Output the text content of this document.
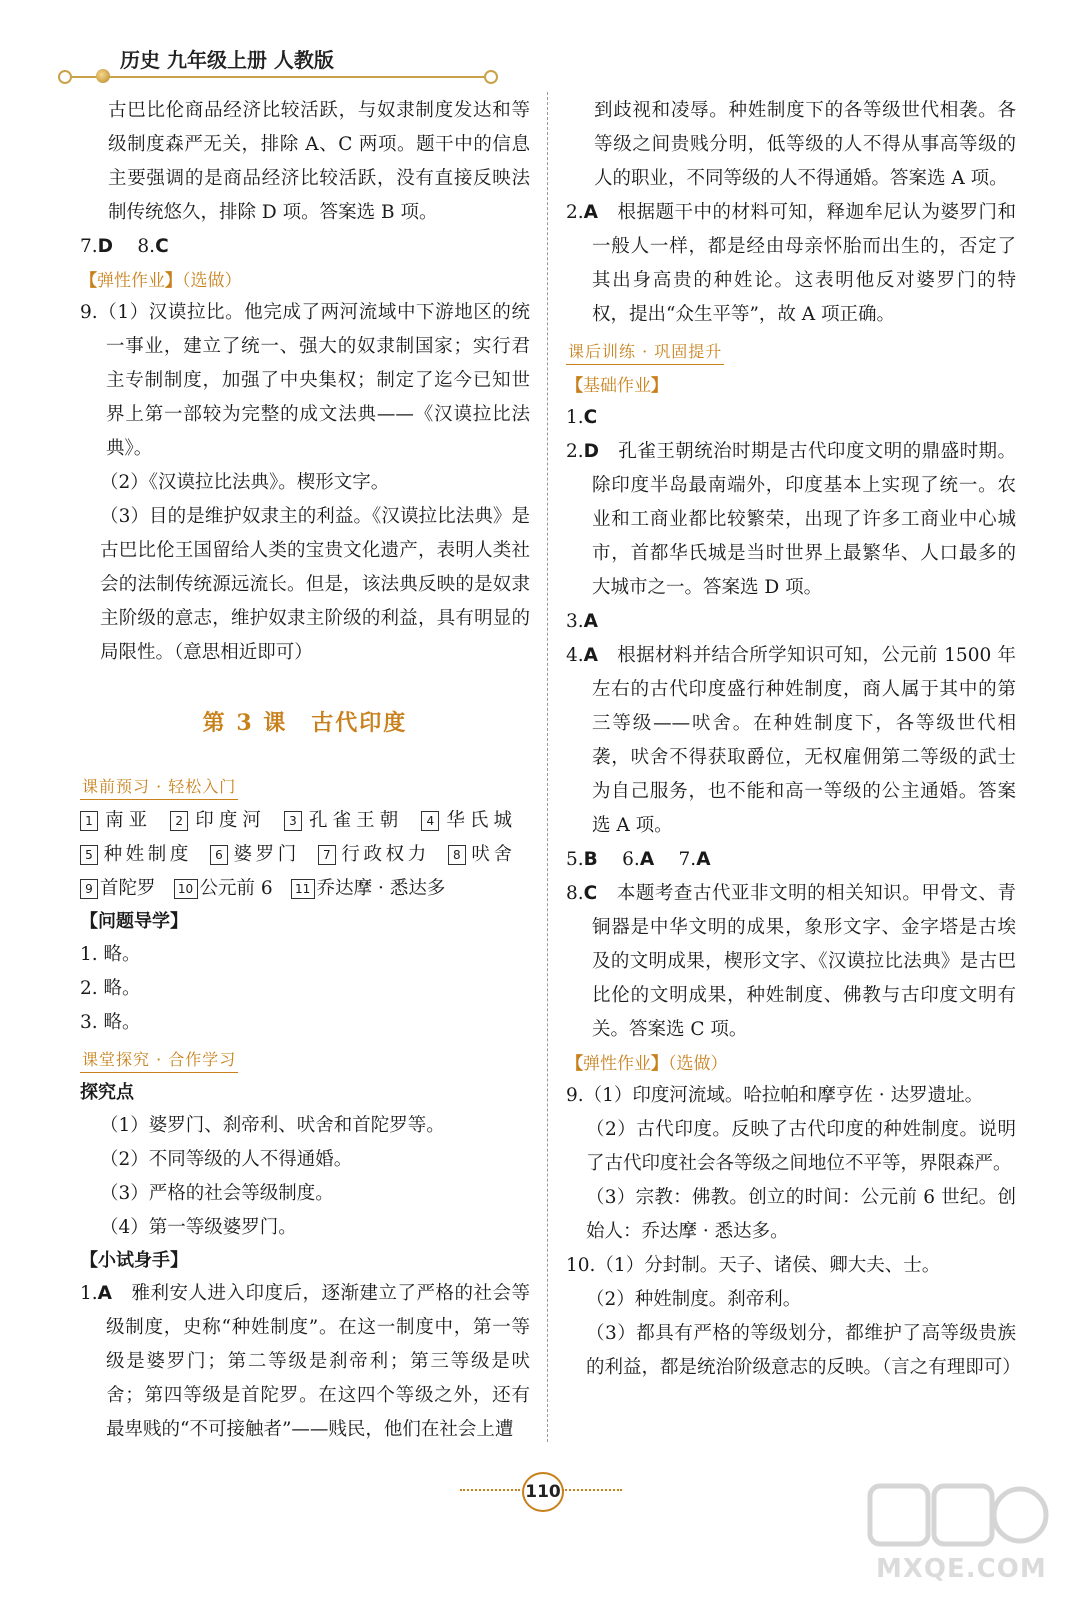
历史 九年级上册 人教版

古巴比伦商品经济比较活跃，与奴隶制度发达和等级制度森严无关，排除 A、C 两项。题干中的信息主要强调的是商品经济比较活跃，没有直接反映法制传统悠久，排除 D 项。答案选 B 项。

7.D　 8.C

【弹性作业】（选做）

9.（1）汉谟拉比。他完成了两河流域中下游地区的统一事业，建立了统一、强大的奴隶制国家；实行君主专制制度，加强了中央集权；制定了迄今已知世界上第一部较为完整的成文法典——《汉谟拉比法典》。

（2）《汉谟拉比法典》。楔形文字。

（3）目的是维护奴隶主的利益。《汉谟拉比法典》是古巴比伦王国留给人类的宝贵文化遗产，表明人类社会的法制传统源远流长。但是，该法典反映的是奴隶主阶级的意志，维护奴隶主阶级的利益，具有明显的局限性。（意思相近即可）

第 3 课　古代印度
课前预习 · 轻松入门

1 南亚 2 印度河 3 孔雀王朝 4 华氏城5 种姓制度 6 婆罗门 7 行政权力 8 吠舍9 首陀罗 10 公元前 6 11 乔达摩 · 悉达多

【问题导学】

1. 略。

2. 略。

3. 略。

课堂探究 · 合作学习
探究点

（1）婆罗门、刹帝利、吠舍和首陀罗等。

（2）不同等级的人不得通婚。

（3）严格的社会等级制度。

（4）第一等级婆罗门。

【小试身手】

1.A　 雅利安人进入印度后，逐渐建立了严格的社会等级制度，史称“种姓制度”。在这一制度中，第一等级是婆罗门；第二等级是刹帝利；第三等级是吠舍；第四等级是首陀罗。在这四个等级之外，还有最卑贱的“不可接触者”——贱民，他们在社会上遭

到歧视和凌辱。种姓制度下的各等级世代相袭。各等级之间贵贱分明，低等级的人不得从事高等级的人的职业，不同等级的人不得通婚。答案选 A 项。

2.A　 根据题干中的材料可知，释迦牟尼认为婆罗门和一般人一样，都是经由母亲怀胎而出生的，否定了其出身高贵的种姓论。这表明他反对婆罗门的特权，提出“众生平等”，故 A 项正确。

课后训练 · 巩固提升
【基础作业】

1.C

2.D　 孔雀王朝统治时期是古代印度文明的鼎盛时期。除印度半岛最南端外，印度基本上实现了统一。农业和工商业都比较繁荣，出现了许多工商业中心城市，首都华氏城是当时世界上最繁华、人口最多的大城市之一。答案选 D 项。

3.A

4.A　 根据材料并结合所学知识可知，公元前 1500 年左右的古代印度盛行种姓制度，商人属于其中的第三等级——吠舍。在种姓制度下，各等级世代相袭，吠舍不得获取爵位，无权雇佣第二等级的武士为自己服务，也不能和高一等级的公主通婚。答案选 A 项。

5.B　 6.A　 7.A

8.C　 本题考查古代亚非文明的相关知识。甲骨文、青铜器是中华文明的成果，象形文字、金字塔是古埃及的文明成果，楔形文字、《汉谟拉比法典》是古巴比伦的文明成果，种姓制度、佛教与古印度文明有关。答案选 C 项。

【弹性作业】（选做）

9.（1）印度河流域。哈拉帕和摩亨佐 · 达罗遗址。

（2）古代印度。反映了古代印度的种姓制度。说明了古代印度社会各等级之间地位不平等，界限森严。

（3）宗教：佛教。创立的时间：公元前 6 世纪。创始人：乔达摩 · 悉达多。

10.（1）分封制。天子、诸侯、卿大夫、士。

（2）种姓制度。刹帝利。

（3）都具有严格的等级划分，都维护了高等级贵族的利益，都是统治阶级意志的反映。（言之有理即可）

110
MXQE.COM
